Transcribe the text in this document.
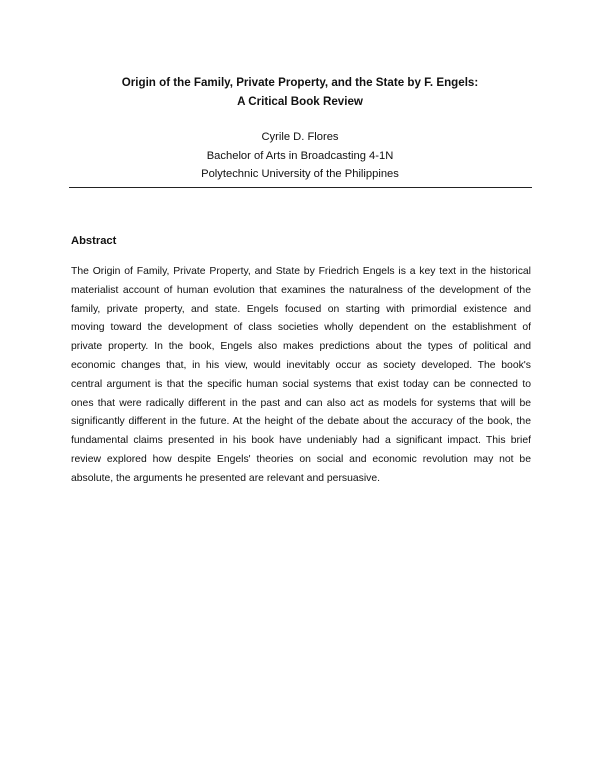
Origin of the Family, Private Property, and the State by F. Engels:
A Critical Book Review
Cyrile D. Flores
Bachelor of Arts in Broadcasting 4-1N
Polytechnic University of the Philippines
Abstract
The Origin of Family, Private Property, and State by Friedrich Engels is a key text in the historical
materialist account of human evolution that examines the naturalness of the development of the
family, private property, and state. Engels focused on starting with primordial existence and
moving toward the development of class societies wholly dependent on the establishment of
private property. In the book, Engels also makes predictions about the types of political and
economic changes that, in his view, would inevitably occur as society developed. The book's
central argument is that the specific human social systems that exist today can be connected to
ones that were radically different in the past and can also act as models for systems that will be
significantly different in the future. At the height of the debate about the accuracy of the book, the
fundamental claims presented in his book have undeniably had a significant impact. This brief
review explored how despite Engels' theories on social and economic revolution may not be
absolute, the arguments he presented are relevant and persuasive.
